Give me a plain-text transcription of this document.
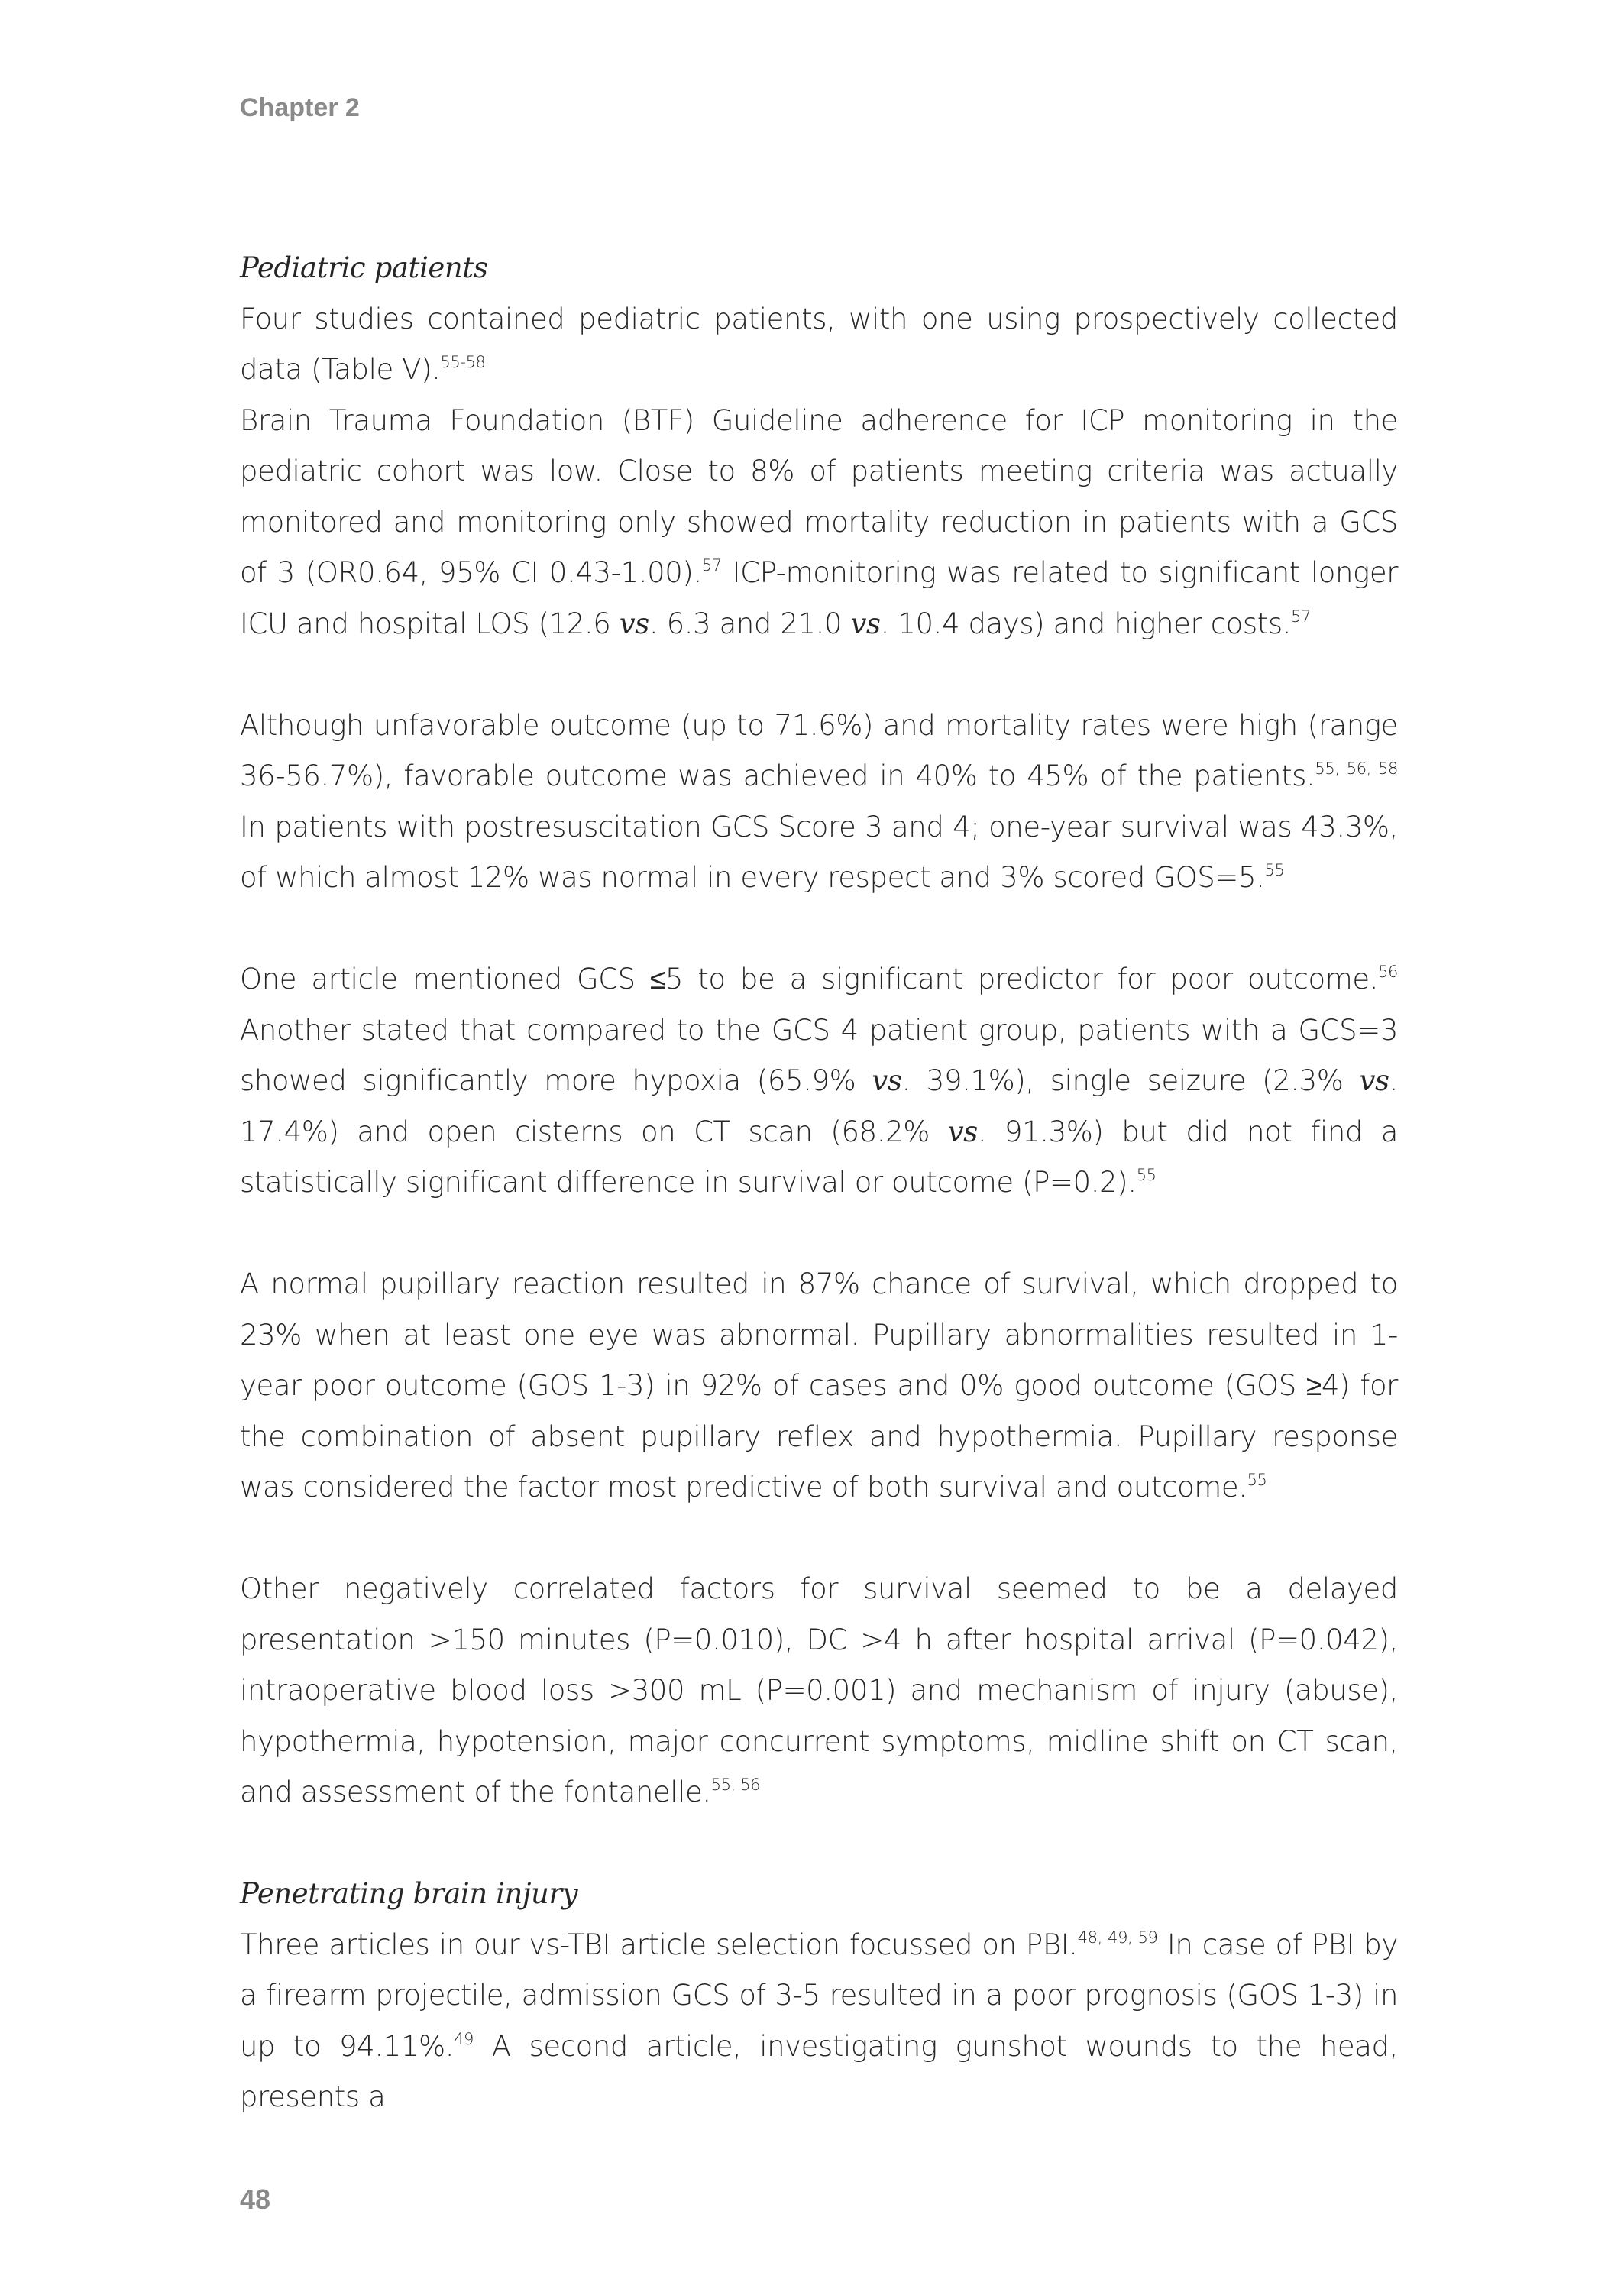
Chapter 2
Pediatric patients

Four studies contained pediatric patients, with one using prospectively collected data (Table V).$^{55-58}$

Brain Trauma Foundation (BTF) Guideline adherence for ICP monitoring in the pediatric cohort was low. Close to 8% of patients meeting criteria was actually monitored and monitoring only showed mortality reduction in patients with a GCS of 3 (OR0.64, 95% CI 0.43-1.00).$^{57}$ ICP-monitoring was related to significant longer ICU and hospital LOS (12.6 vs. 6.3 and 21.0 vs. 10.4 days) and higher costs.$^{57}$

Although unfavorable outcome (up to 71.6%) and mortality rates were high (range 36-56.7%), favorable outcome was achieved in 40% to 45% of the patients.$^{55, 56, 58}$ In patients with postresuscitation GCS Score 3 and 4; one-year survival was 43.3%, of which almost 12% was normal in every respect and 3% scored GOS=5.55

One article mentioned GCS ≤5 to be a significant predictor for poor outcome.$^{56}$ Another stated that compared to the GCS 4 patient group, patients with a GCS=3 showed significantly more hypoxia (65.9% vs. 39.1%), single seizure (2.3% vs. 17.4%) and open cisterns on CT scan (68.2% vs. 91.3%) but did not find a statistically significant difference in survival or outcome (P=0.2).$^{55}$

A normal pupillary reaction resulted in 87% chance of survival, which dropped to 23% when at least one eye was abnormal. Pupillary abnormalities resulted in 1-year poor outcome (GOS 1-3) in 92% of cases and 0% good outcome (GOS ≥4) for the combination of absent pupillary reflex and hypothermia. Pupillary response was considered the factor most predictive of both survival and outcome.$^{55}$

Other negatively correlated factors for survival seemed to be a delayed presentation >150 minutes (P=0.010), DC >4 h after hospital arrival (P=0.042), intraoperative blood loss >300 mL (P=0.001) and mechanism of injury (abuse), hypothermia, hypotension, major concurrent symptoms, midline shift on CT scan, and assessment of the fontanelle.$^{55, 56}$

Penetrating brain injury

Three articles in our vs-TBI article selection focussed on PBI.$^{48, 49, 59}$ In case of PBI by a firearm projectile, admission GCS of 3-5 resulted in a poor prognosis (GOS 1-3) in up to 94.11%.$^{49}$ A second article, investigating gunshot wounds to the head, presents a

48
